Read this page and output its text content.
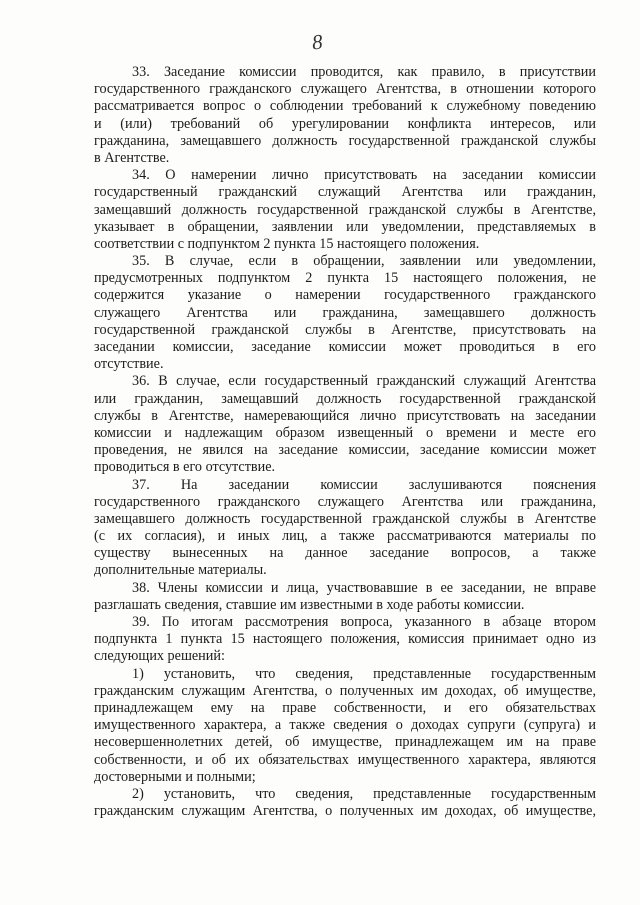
8
33. Заседание комиссии проводится, как правило, в присутствии
государственного гражданского служащего Агентства, в отношении которого
рассматривается вопрос о соблюдении требований к служебному поведению
и (или) требований об урегулировании конфликта интересов, или
гражданина, замещавшего должность государственной гражданской службы
в Агентстве.
34. О намерении лично присутствовать на заседании комиссии
государственный гражданский служащий Агентства или гражданин,
замещавший должность государственной гражданской службы в Агентстве,
указывает в обращении, заявлении или уведомлении, представляемых в
соответствии с подпунктом 2 пункта 15 настоящего положения.
35. В случае, если в обращении, заявлении или уведомлении,
предусмотренных подпунктом 2 пункта 15 настоящего положения, не
содержится указание о намерении государственного гражданского
служащего Агентства или гражданина, замещавшего должность
государственной гражданской службы в Агентстве, присутствовать на
заседании комиссии, заседание комиссии может проводиться в его
отсутствие.
36. В случае, если государственный гражданский служащий Агентства
или гражданин, замещавший должность государственной гражданской
службы в Агентстве, намеревающийся лично присутствовать на заседании
комиссии и надлежащим образом извещенный о времени и месте его
проведения, не явился на заседание комиссии, заседание комиссии может
проводиться в его отсутствие.
37. На заседании комиссии заслушиваются пояснения
государственного гражданского служащего Агентства или гражданина,
замещавшего должность государственной гражданской службы в Агентстве
(с их согласия), и иных лиц, а также рассматриваются материалы по
существу вынесенных на данное заседание вопросов, а также
дополнительные материалы.
38. Члены комиссии и лица, участвовавшие в ее заседании, не вправе
разглашать сведения, ставшие им известными в ходе работы комиссии.
39. По итогам рассмотрения вопроса, указанного в абзаце втором
подпункта 1 пункта 15 настоящего положения, комиссия принимает одно из
следующих решений:
1) установить, что сведения, представленные государственным
гражданским служащим Агентства, о полученных им доходах, об имуществе,
принадлежащем ему на праве собственности, и его обязательствах
имущественного характера, а также сведения о доходах супруги (супруга) и
несовершеннолетних детей, об имуществе, принадлежащем им на праве
собственности, и об их обязательствах имущественного характера, являются
достоверными и полными;
2) установить, что сведения, представленные государственным
гражданским служащим Агентства, о полученных им доходах, об имуществе,
